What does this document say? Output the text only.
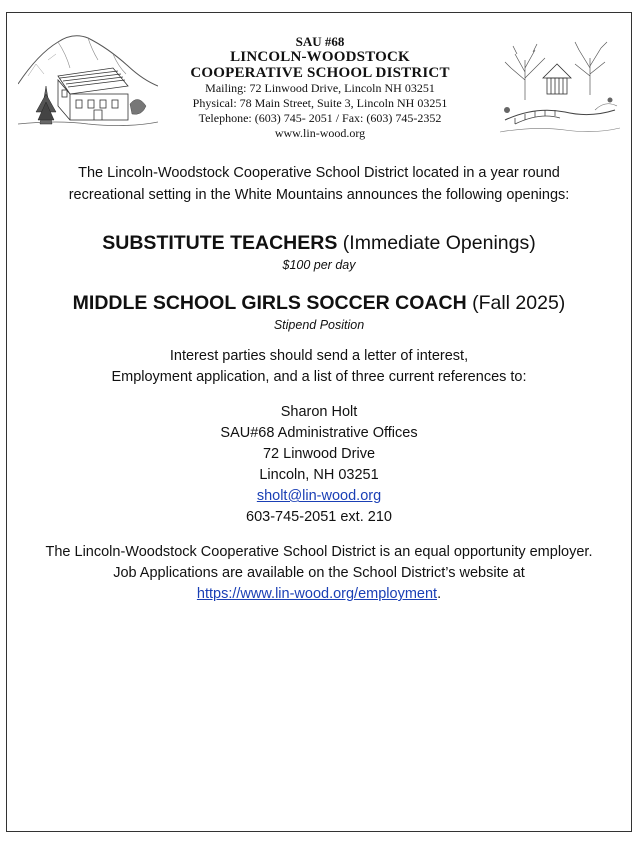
SAU #68
LINCOLN-WOODSTOCK
COOPERATIVE SCHOOL DISTRICT
Mailing: 72 Linwood Drive, Lincoln NH 03251
Physical: 78 Main Street, Suite 3, Lincoln NH 03251
Telephone: (603) 745- 2051 / Fax: (603) 745-2352
www.lin-wood.org
The Lincoln-Woodstock Cooperative School District located in a year round
recreational setting in the White Mountains announces the following openings:
SUBSTITUTE TEACHERS (Immediate Openings)
$100 per day
MIDDLE SCHOOL GIRLS SOCCER COACH (Fall 2025)
Stipend Position
Interest parties should send a letter of interest,
Employment application, and a list of three current references to:
Sharon Holt
SAU#68 Administrative Offices
72 Linwood Drive
Lincoln, NH 03251
sholt@lin-wood.org
603-745-2051 ext. 210
The Lincoln-Woodstock Cooperative School District is an equal opportunity employer.
Job Applications are available on the School District’s website at
https://www.lin-wood.org/employment.
